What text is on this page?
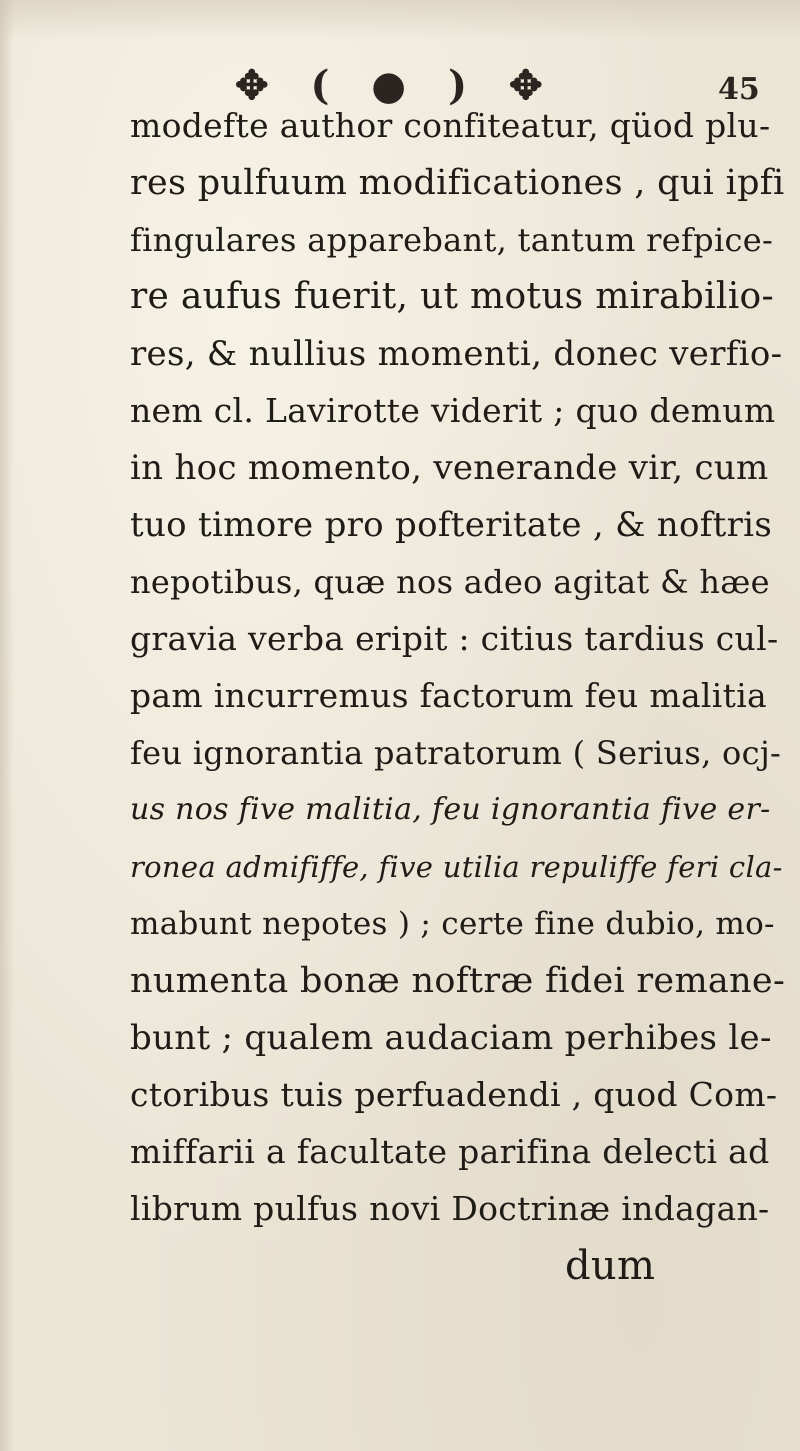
✥ ( ● ) ✥	45
modefte author confiteatur, qüod plu-
res pulfuum modificationes , qui ipfi
fingulares apparebant, tantum refpice-
re aufus fuerit, ut motus mirabilio-
res, & nullius momenti, donec verfio-
nem cl. Lavirotte viderit ; quo demum
in hoc momento, venerande vir, cum
tuo timore pro pofteritate , & noftris
nepotibus, quæ nos adeo agitat & hæe
gravia verba eripit : citius tardius cul-
pam incurremus factorum feu malitia
feu ignorantia patratorum ( Serius, ocj-
us nos five malitia, feu ignorantia five er-
ronea admififfe, five utilia repuliffe feri cla-
mabunt nepotes ) ; certe fine dubio, mo-
numenta bonæ noftræ fidei remane-
bunt ; qualem audaciam perhibes le-
ctoribus tuis perfuadendi , quod Com-
miffarii a facultate parifina delecti ad
librum pulfus novi Doctrinæ indagan-
dum
